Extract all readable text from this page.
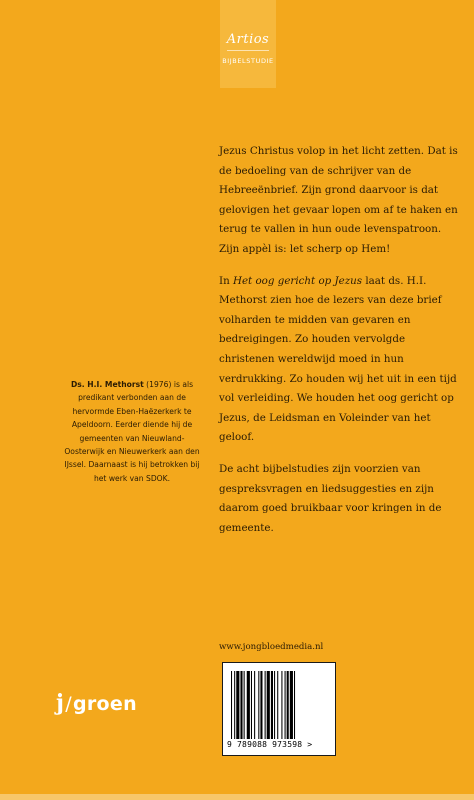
Artios
BIJBELSTUDIE

Jezus Christus volop in het licht zetten. Dat is de bedoeling van de schrijver van de Hebreeënbrief. Zijn grond daarvoor is dat gelovigen het gevaar lopen om af te haken en terug te vallen in hun oude levenspatroon. Zijn appèl is: let scherp op Hem!

In Het oog gericht op Jezus laat ds. H.I. Methorst zien hoe de lezers van deze brief volharden te midden van gevaren en bedreigingen. Zo houden vervolgde christenen wereldwijd moed in hun verdrukking. Zo houden wij het uit in een tijd vol verleiding. We houden het oog gericht op Jezus, de Leidsman en Voleinder van het geloof.

De acht bijbelstudies zijn voorzien van gespreksvragen en liedsuggesties en zijn daarom goed bruikbaar voor kringen in de gemeente.

Ds. H.I. Methorst (1976) is als predikant verbonden aan de hervormde Eben-Haëzerkerk te Apeldoorn. Eerder diende hij de gemeenten van Nieuwland-Oosterwijk en Nieuwerkerk aan den IJssel. Daarnaast is hij betrokken bij het werk van SDOK.
www.jongbloedmedia.nl
9 789088 973598 >
j/groen
